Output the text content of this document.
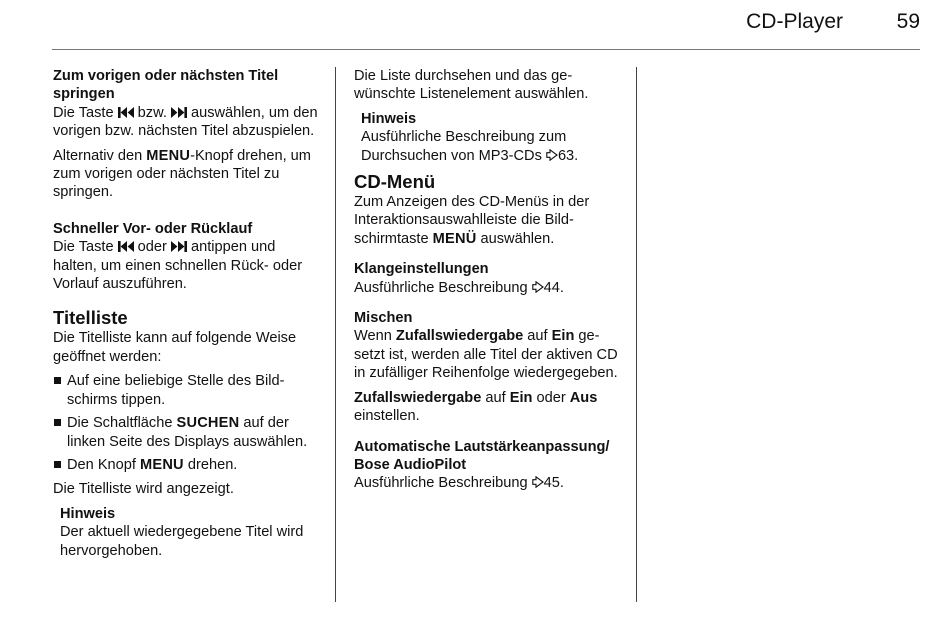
CD-Player	59
Zum vorigen oder nächsten Titel springen

Die Taste
bzw.
auswählen, um den vorigen bzw. nächsten Titel abzuspielen.

Alternativ den MENU-Knopf drehen, um zum vorigen oder nächsten Titel zu springen.

Schneller Vor- oder Rücklauf

Die Taste
oder
antippen und halten, um einen schnellen Rück- oder Vorlauf auszuführen.

Titelliste

Die Titelliste kann auf folgende Weise geöffnet werden:

Auf eine beliebige Stelle des Bildschirms tippen.
Die Schaltfläche SUCHEN auf der linken Seite des Displays auswählen.
Den Knopf MENU drehen.

Die Titelliste wird angezeigt.

Hinweis
Der aktuell wiedergegebene Titel wird hervorgehoben.

Die Liste durchsehen und das gewünschte Listenelement auswählen.

Hinweis
Ausführliche Beschreibung zum Durchsuchen von MP3-CDs
63.
CD-Menü

Zum Anzeigen des CD-Menüs in der Interaktionsauswahlleiste die Bildschirmtaste MENÜ auswählen.

Klangeinstellungen

Ausführliche Beschreibung
44.

Mischen

Wenn Zufallswiedergabe auf Ein gesetzt ist, werden alle Titel der aktiven CD in zufälliger Reihenfolge wiedergegeben.

Zufallswiedergabe auf Ein oder Aus einstellen.

Automatische Lautstärkeanpassung/ Bose AudioPilot

Ausführliche Beschreibung
45.
